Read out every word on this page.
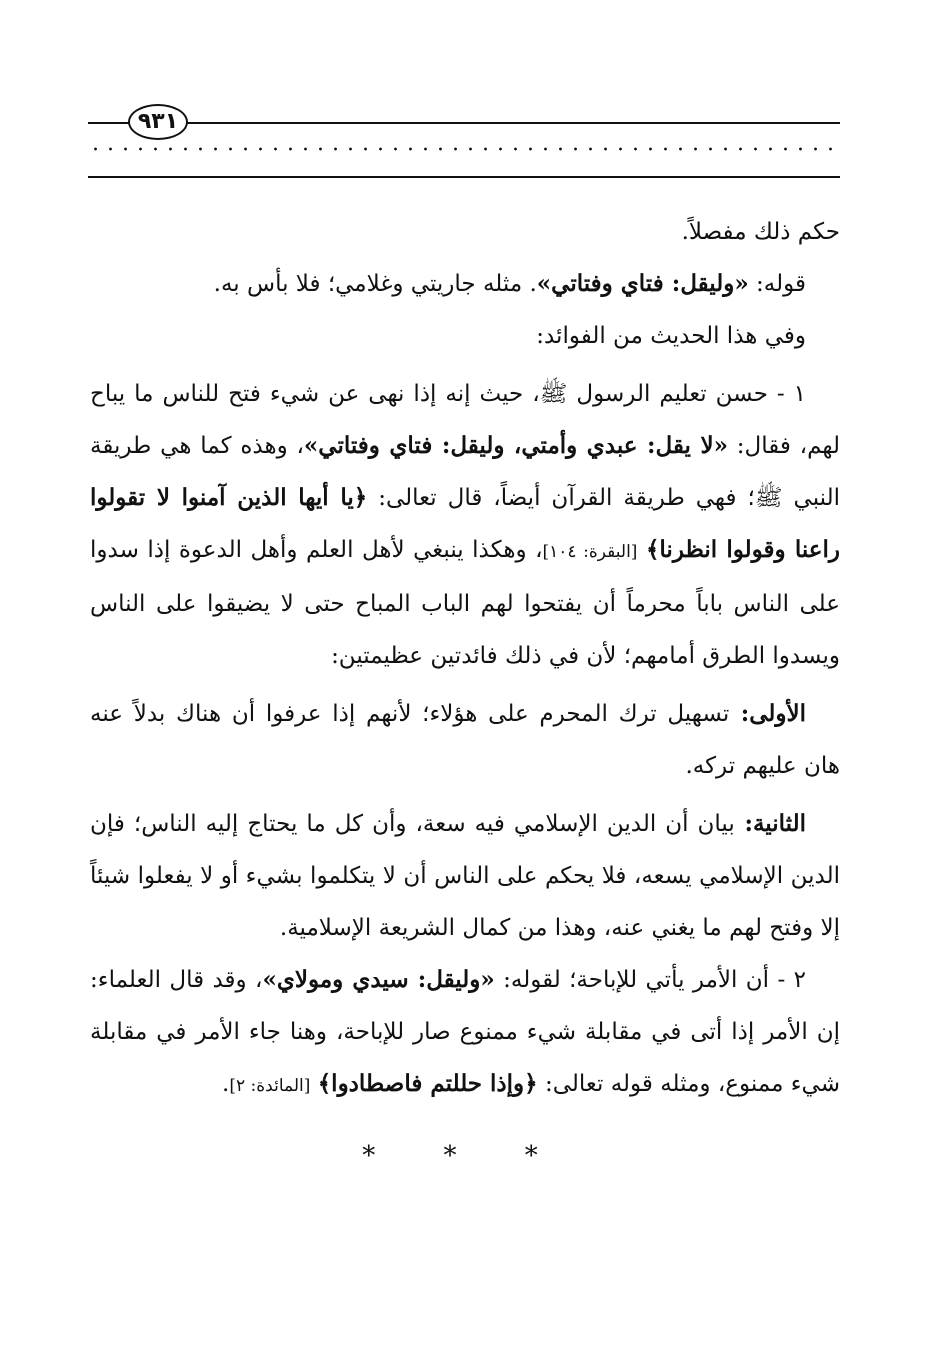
٩٣١

حكم ذلك مفصلاً.

قوله: «وليقل: فتاي وفتاتي». مثله جاريتي وغلامي؛ فلا بأس به.

وفي هذا الحديث من الفوائد:

١ - حسن تعليم الرسول ﷺ، حيث إنه إذا نهى عن شيء فتح للناس ما يباح لهم، فقال: «لا يقل: عبدي وأمتي، وليقل: فتاي وفتاتي»، وهذه كما هي طريقة النبي ﷺ؛ فهي طريقة القرآن أيضاً، قال تعالى: ﴿يا أيها الذين آمنوا لا تقولوا راعنا وقولوا انظرنا﴾ [البقرة: ١٠٤]، وهكذا ينبغي لأهل العلم وأهل الدعوة إذا سدوا على الناس باباً محرماً أن يفتحوا لهم الباب المباح حتى لا يضيقوا على الناس ويسدوا الطرق أمامهم؛ لأن في ذلك فائدتين عظيمتين:

الأولى: تسهيل ترك المحرم على هؤلاء؛ لأنهم إذا عرفوا أن هناك بدلاً عنه هان عليهم تركه.

الثانية: بيان أن الدين الإسلامي فيه سعة، وأن كل ما يحتاج إليه الناس؛ فإن الدين الإسلامي يسعه، فلا يحكم على الناس أن لا يتكلموا بشيء أو لا يفعلوا شيئاً إلا وفتح لهم ما يغني عنه، وهذا من كمال الشريعة الإسلامية.

٢ - أن الأمر يأتي للإباحة؛ لقوله: «وليقل: سيدي ومولاي»، وقد قال العلماء: إن الأمر إذا أتى في مقابلة شيء ممنوع صار للإباحة، وهنا جاء الأمر في مقابلة شيء ممنوع، ومثله قوله تعالى: ﴿وإذا حللتم فاصطادوا﴾ [المائدة: ٢].

* * *
